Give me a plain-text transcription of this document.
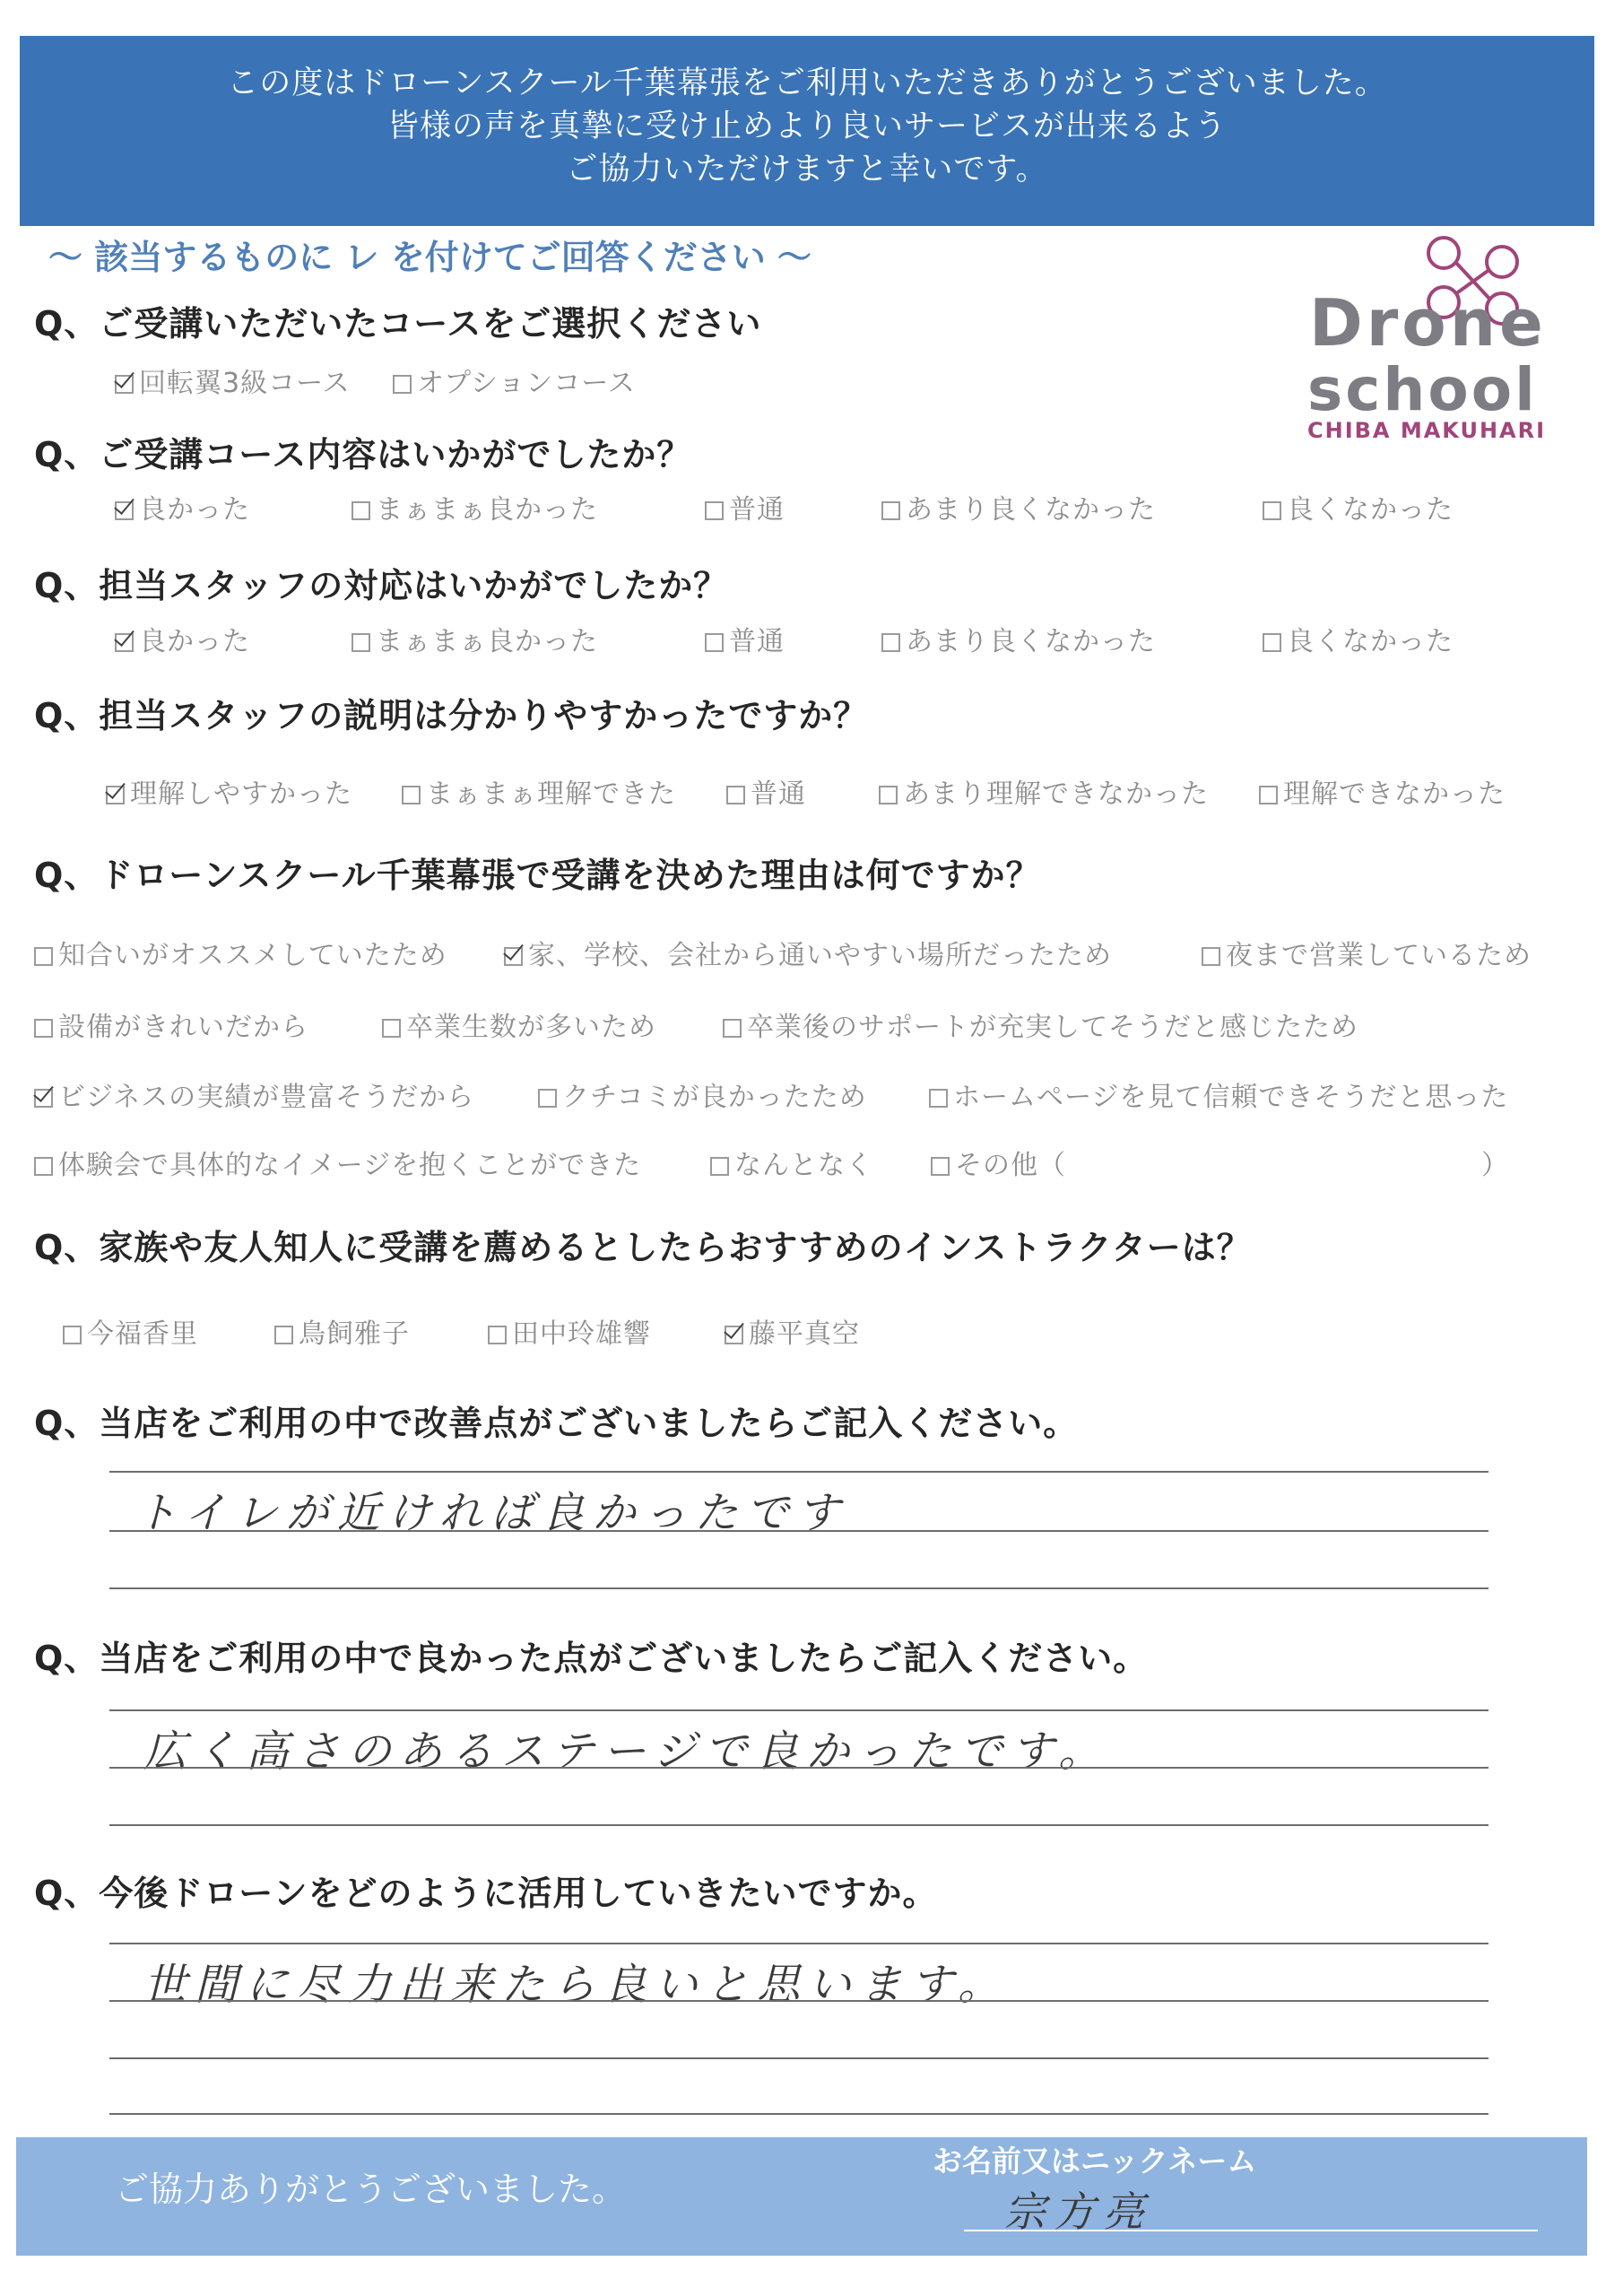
この度はドローンスクール千葉幕張をご利用いただきありがとうございました。
皆様の声を真摯に受け止めより良いサービスが出来るよう
ご協力いただけますと幸いです。
～ 該当するものに レ を付けてご回答ください ～
Drone
school
CHIBA MAKUHARI
Q、ご受講いただいたコースをご選択ください
回転翼3級コース	オプションコース
Q、ご受講コース内容はいかがでしたか？
良かった	まぁまぁ良かった	普通	あまり良くなかった	良くなかった
Q、担当スタッフの対応はいかがでしたか？
良かった	まぁまぁ良かった	普通	あまり良くなかった	良くなかった
Q、担当スタッフの説明は分かりやすかったですか？
理解しやすかった	まぁまぁ理解できた	普通	あまり理解できなかった	理解できなかった
Q、ドローンスクール千葉幕張で受講を決めた理由は何ですか？
知合いがオススメしていたため	家、学校、会社から通いやすい場所だったため	夜まで営業しているため
設備がきれいだから	卒業生数が多いため	卒業後のサポートが充実してそうだと感じたため
ビジネスの実績が豊富そうだから	クチコミが良かったため	ホームページを見て信頼できそうだと思った
体験会で具体的なイメージを抱くことができた	なんとなく	その他（	）
Q、家族や友人知人に受講を薦めるとしたらおすすめのインストラクターは？
今福香里	鳥飼雅子	田中玲雄響	藤平真空
Q、当店をご利用の中で改善点がございましたらご記入ください。
トイレが近ければ良かったです
Q、当店をご利用の中で良かった点がございましたらご記入ください。
広く高さのあるステージで良かったです。
Q、今後ドローンをどのように活用していきたいですか。
世間に尽力出来たら良いと思います。
ご協力ありがとうございました。
お名前又はニックネーム
宗方亮
